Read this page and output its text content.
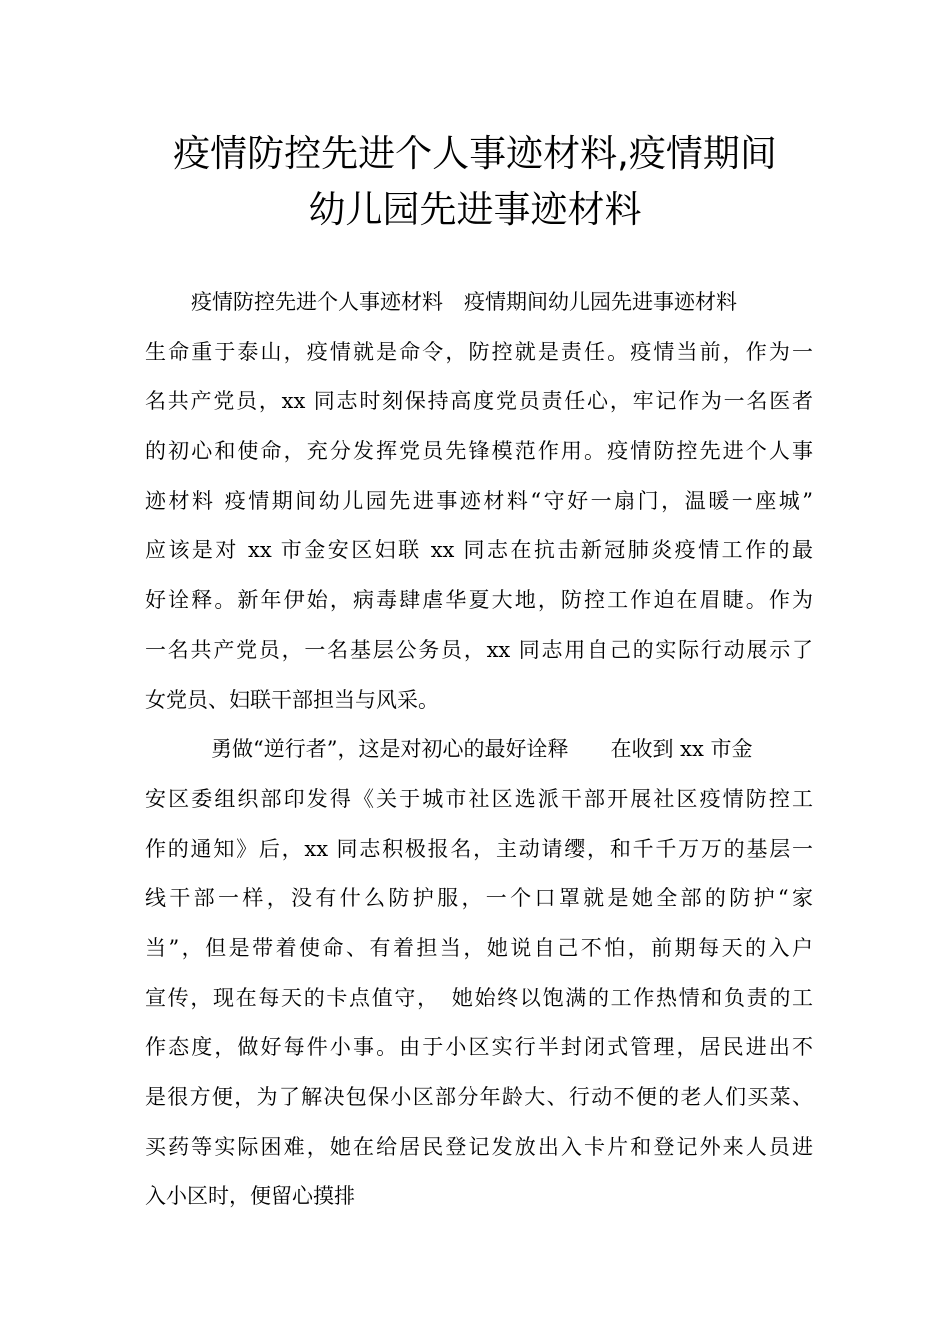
疫情防控先进个人事迹材料,疫情期间
幼儿园先进事迹材料
疫情防控先进个人事迹材料　疫情期间幼儿园先进事迹材料
生命重于泰山，疫情就是命令，防控就是责任。疫情当前，作为一
名共产党员，xx 同志时刻保持高度党员责任心，牢记作为一名医者
的初心和使命，充分发挥党员先锋模范作用。疫情防控先进个人事
迹材料 疫情期间幼儿园先进事迹材料“守好一扇门，温暖一座城”
应该是对 xx 市金安区妇联 xx 同志在抗击新冠肺炎疫情工作的最
好诠释。新年伊始，病毒肆虐华夏大地，防控工作迫在眉睫。作为
一名共产党员，一名基层公务员，xx 同志用自己的实际行动展示了
女党员、妇联干部担当与风采。
勇做“逆行者”，这是对初心的最好诠释　　在收到 xx 市金
安区委组织部印发得《关于城市社区选派干部开展社区疫情防控工
作的通知》后，xx 同志积极报名，主动请缨，和千千万万的基层一
线干部一样，没有什么防护服，一个口罩就是她全部的防护“家
当”，但是带着使命、有着担当，她说自己不怕，前期每天的入户
宣传，现在每天的卡点值守，　她始终以饱满的工作热情和负责的工
作态度，做好每件小事。由于小区实行半封闭式管理，居民进出不
是很方便，为了解决包保小区部分年龄大、行动不便的老人们买菜、
买药等实际困难，她在给居民登记发放出入卡片和登记外来人员进
入小区时，便留心摸排
